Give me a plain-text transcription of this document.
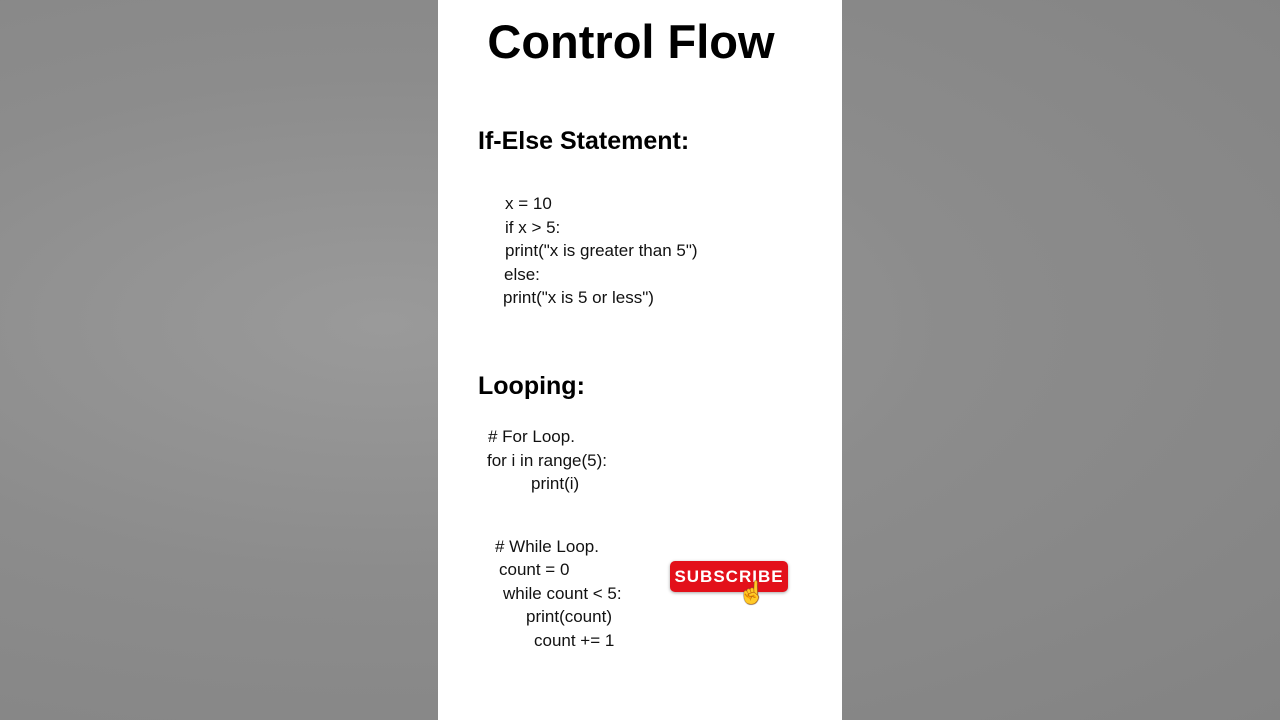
Control Flow
If-Else Statement:
x = 10
if x > 5:
print("x is greater than 5")
else:
print("x is 5 or less")
Looping:
# For Loop.
for i in range(5):
print(i)
# While Loop.
count = 0
while count < 5:
print(count)
count += 1
SUBSCRIBE
☝
